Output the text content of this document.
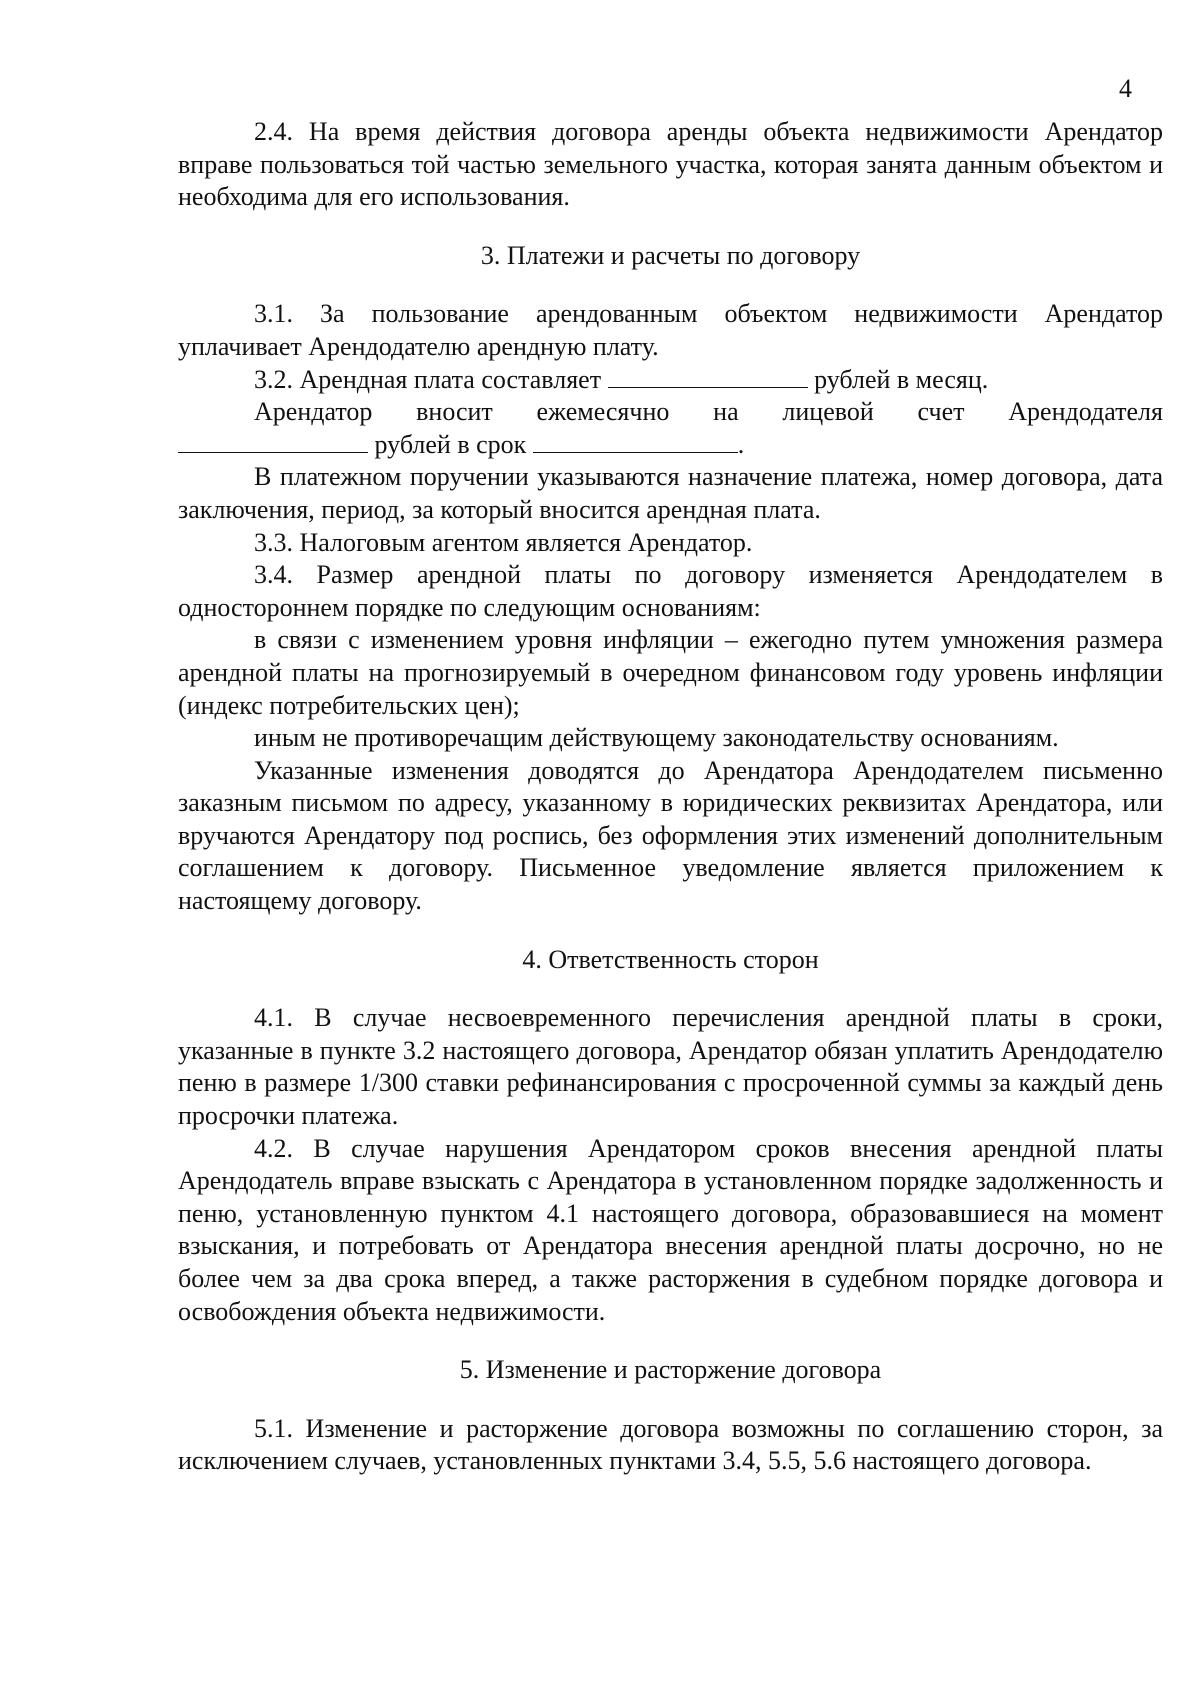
4

2.4. На время действия договора аренды объекта недвижимости Арендатор вправе пользоваться той частью земельного участка, которая занята данным объектом и необходима для его использования.

3. Платежи и расчеты по договору

3.1. За пользование арендованным объектом недвижимости Арендатор уплачивает Арендодателю арендную плату.

3.2. Арендная плата составляет	рублей в месяц.

Арендатор вносит ежемесячно на лицевой счет Арендодателя

рублей в срок	.

В платежном поручении указываются назначение платежа, номер договора, дата заключения, период, за который вносится арендная плата.

3.3. Налоговым агентом является Арендатор.

3.4. Размер арендной платы по договору изменяется Арендодателем в одностороннем порядке по следующим основаниям:

в связи с изменением уровня инфляции – ежегодно путем умножения размера арендной платы на прогнозируемый в очередном финансовом году уровень инфляции (индекс потребительских цен);

иным не противоречащим действующему законодательству основаниям.

Указанные изменения доводятся до Арендатора Арендодателем письменно заказным письмом по адресу, указанному в юридических реквизитах Арендатора, или вручаются Арендатору под роспись, без оформления этих изменений дополнительным соглашением к договору. Письменное уведомление является приложением к настоящему договору.

4. Ответственность сторон

4.1. В случае несвоевременного перечисления арендной платы в сроки, указанные в пункте 3.2 настоящего договора, Арендатор обязан уплатить Арендодателю пеню в размере 1/300 ставки рефинансирования с просроченной суммы за каждый день просрочки платежа.

4.2. В случае нарушения Арендатором сроков внесения арендной платы Арендодатель вправе взыскать с Арендатора в установленном порядке задолженность и пеню, установленную пунктом 4.1 настоящего договора, образовавшиеся на момент взыскания, и потребовать от Арендатора внесения арендной платы досрочно, но не более чем за два срока вперед, а также расторжения в судебном порядке договора и освобождения объекта недвижимости.

5. Изменение и расторжение договора

5.1. Изменение и расторжение договора возможны по соглашению сторон, за исключением случаев, установленных пунктами 3.4, 5.5, 5.6 настоящего договора.
